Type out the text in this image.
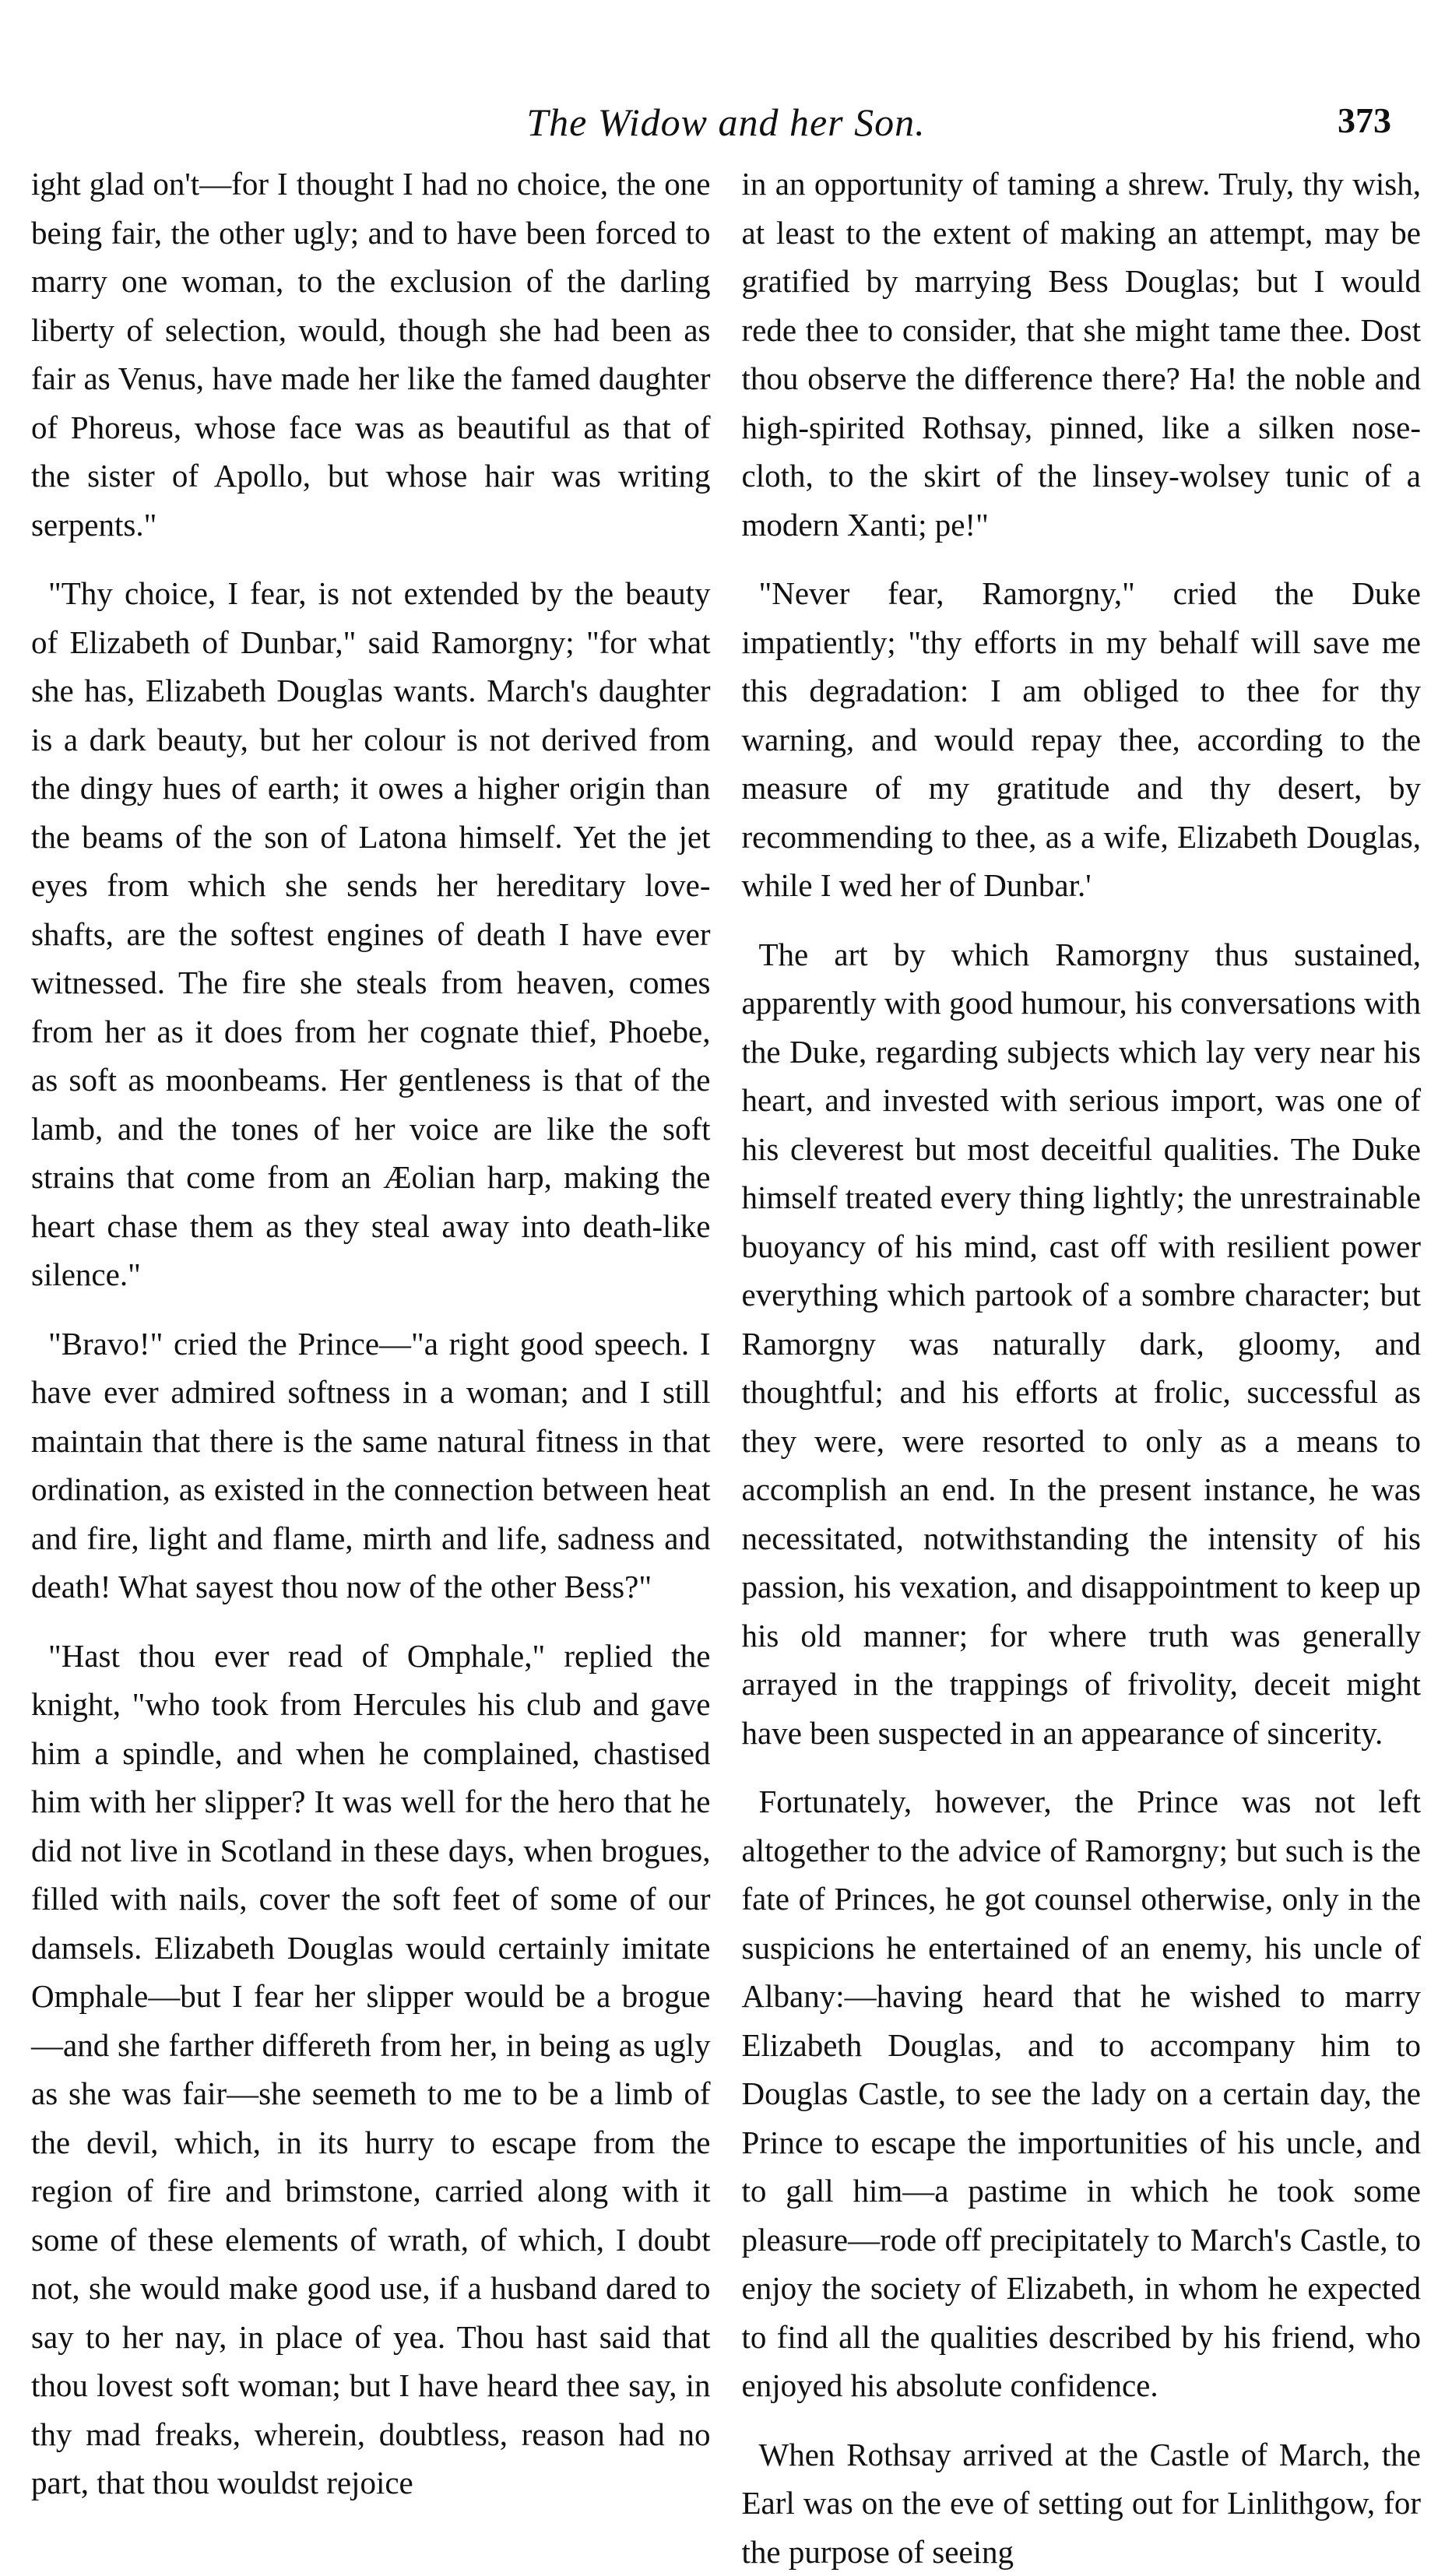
The Widow and her Son.	373

ight glad on't—for I thought I had no choice, the one being fair, the other ugly; and to have been forced to marry one woman, to the exclusion of the darling liberty of selection, would, though she had been as fair as Venus, have made her like the famed daughter of Phoreus, whose face was as beautiful as that of the sister of Apollo, but whose hair was writing serpents."

"Thy choice, I fear, is not extended by the beauty of Elizabeth of Dunbar," said Ramorgny; "for what she has, Elizabeth Douglas wants. March's daughter is a dark beauty, but her colour is not derived from the dingy hues of earth; it owes a higher origin than the beams of the son of Latona himself. Yet the jet eyes from which she sends her hereditary love-shafts, are the softest engines of death I have ever witnessed. The fire she steals from heaven, comes from her as it does from her cognate thief, Phoebe, as soft as moonbeams. Her gentleness is that of the lamb, and the tones of her voice are like the soft strains that come from an Æolian harp, making the heart chase them as they steal away into death-like silence."

"Bravo!" cried the Prince—"a right good speech. I have ever admired softness in a woman; and I still maintain that there is the same natural fitness in that ordination, as existed in the connection between heat and fire, light and flame, mirth and life, sadness and death! What sayest thou now of the other Bess?"

"Hast thou ever read of Omphale," replied the knight, "who took from Hercules his club and gave him a spindle, and when he complained, chastised him with her slipper? It was well for the hero that he did not live in Scotland in these days, when brogues, filled with nails, cover the soft feet of some of our damsels. Elizabeth Douglas would certainly imitate Omphale—but I fear her slipper would be a brogue—and she farther differeth from her, in being as ugly as she was fair—she seemeth to me to be a limb of the devil, which, in its hurry to escape from the region of fire and brimstone, carried along with it some of these elements of wrath, of which, I doubt not, she would make good use, if a husband dared to say to her nay, in place of yea. Thou hast said that thou lovest soft woman; but I have heard thee say, in thy mad freaks, wherein, doubtless, reason had no part, that thou wouldst rejoice

in an opportunity of taming a shrew. Truly, thy wish, at least to the extent of making an attempt, may be gratified by marrying Bess Douglas; but I would rede thee to consider, that she might tame thee. Dost thou observe the difference there? Ha! the noble and high-spirited Rothsay, pinned, like a silken nose-cloth, to the skirt of the linsey-wolsey tunic of a modern Xanti; pe!"

"Never fear, Ramorgny," cried the Duke impatiently; "thy efforts in my behalf will save me this degradation: I am obliged to thee for thy warning, and would repay thee, according to the measure of my gratitude and thy desert, by recommending to thee, as a wife, Elizabeth Douglas, while I wed her of Dunbar.'

The art by which Ramorgny thus sustained, apparently with good humour, his conversations with the Duke, regarding subjects which lay very near his heart, and invested with serious import, was one of his cleverest but most deceitful qualities. The Duke himself treated every thing lightly; the unrestrainable buoyancy of his mind, cast off with resilient power everything which partook of a sombre character; but Ramorgny was naturally dark, gloomy, and thoughtful; and his efforts at frolic, successful as they were, were resorted to only as a means to accomplish an end. In the present instance, he was necessitated, notwithstanding the intensity of his passion, his vexation, and disappointment to keep up his old manner; for where truth was generally arrayed in the trappings of frivolity, deceit might have been suspected in an appearance of sincerity.

Fortunately, however, the Prince was not left altogether to the advice of Ramorgny; but such is the fate of Princes, he got counsel otherwise, only in the suspicions he entertained of an enemy, his uncle of Albany:—having heard that he wished to marry Elizabeth Douglas, and to accompany him to Douglas Castle, to see the lady on a certain day, the Prince to escape the importunities of his uncle, and to gall him—a pastime in which he took some pleasure—rode off precipitately to March's Castle, to enjoy the society of Elizabeth, in whom he expected to find all the qualities described by his friend, who enjoyed his absolute confidence.

When Rothsay arrived at the Castle of March, the Earl was on the eve of setting out for Linlithgow, for the purpose of seeing
